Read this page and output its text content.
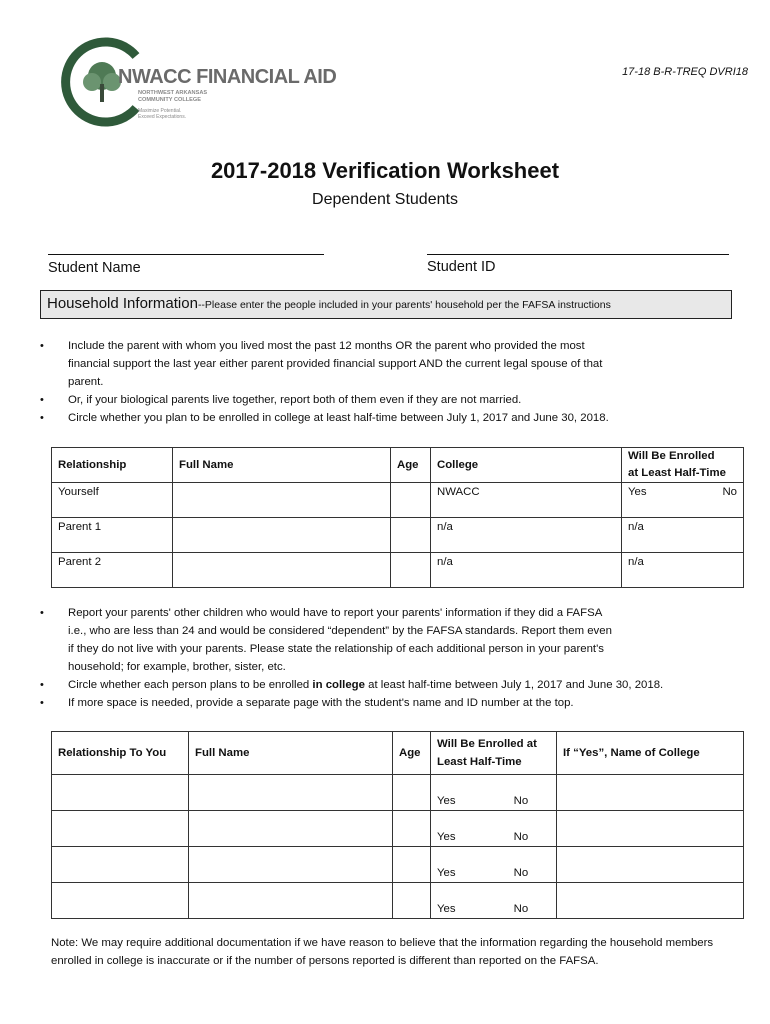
NWACC FINANCIAL AID
NORTHWEST ARKANSAS COMMUNITY COLLEGE
Maximize Potential. Exceed Expectations.
17-18 B-R-TREQ DVRI18
2017-2018 Verification Worksheet
Dependent Students
Student Name	Student ID
Household Information--Please enter the people included in your parents' household per the FAFSA instructions
• Include the parent with whom you lived most the past 12 months OR the parent who provided the most
financial support the last year either parent provided financial support AND the current legal spouse of that
parent.
• Or, if your biological parents live together, report both of them even if they are not married.
• Circle whether you plan to be enrolled in college at least half-time between July 1, 2017 and June 30, 2018.
Relationship	Full Name	Age	College	Will Be Enrolled
at Least Half-Time
Yourself			NWACC	Yes No

Parent 1			n/a	n/a
Parent 2			n/a	n/a
• Report your parents' other children who would have to report your parents' information if they did a FAFSA
i.e., who are less than 24 and would be considered “dependent” by the FAFSA standards. Report them even
if they do not live with your parents. Please state the relationship of each additional person in your parent's
household; for example, brother, sister, etc.
• Circle whether each person plans to be enrolled in college at least half-time between July 1, 2017 and June 30, 2018.
• If more space is needed, provide a separate page with the student's name and ID number at the top.
Relationship To You	Full Name	Age	Will Be Enrolled at
Least Half-Time	If “Yes”, Name of College

			Yes No	

			Yes No	

			Yes No	

			Yes No	

Note: We may require additional documentation if we have reason to believe that the information regarding the household members enrolled in college is inaccurate or if the number of persons reported is different than reported on the FAFSA.
